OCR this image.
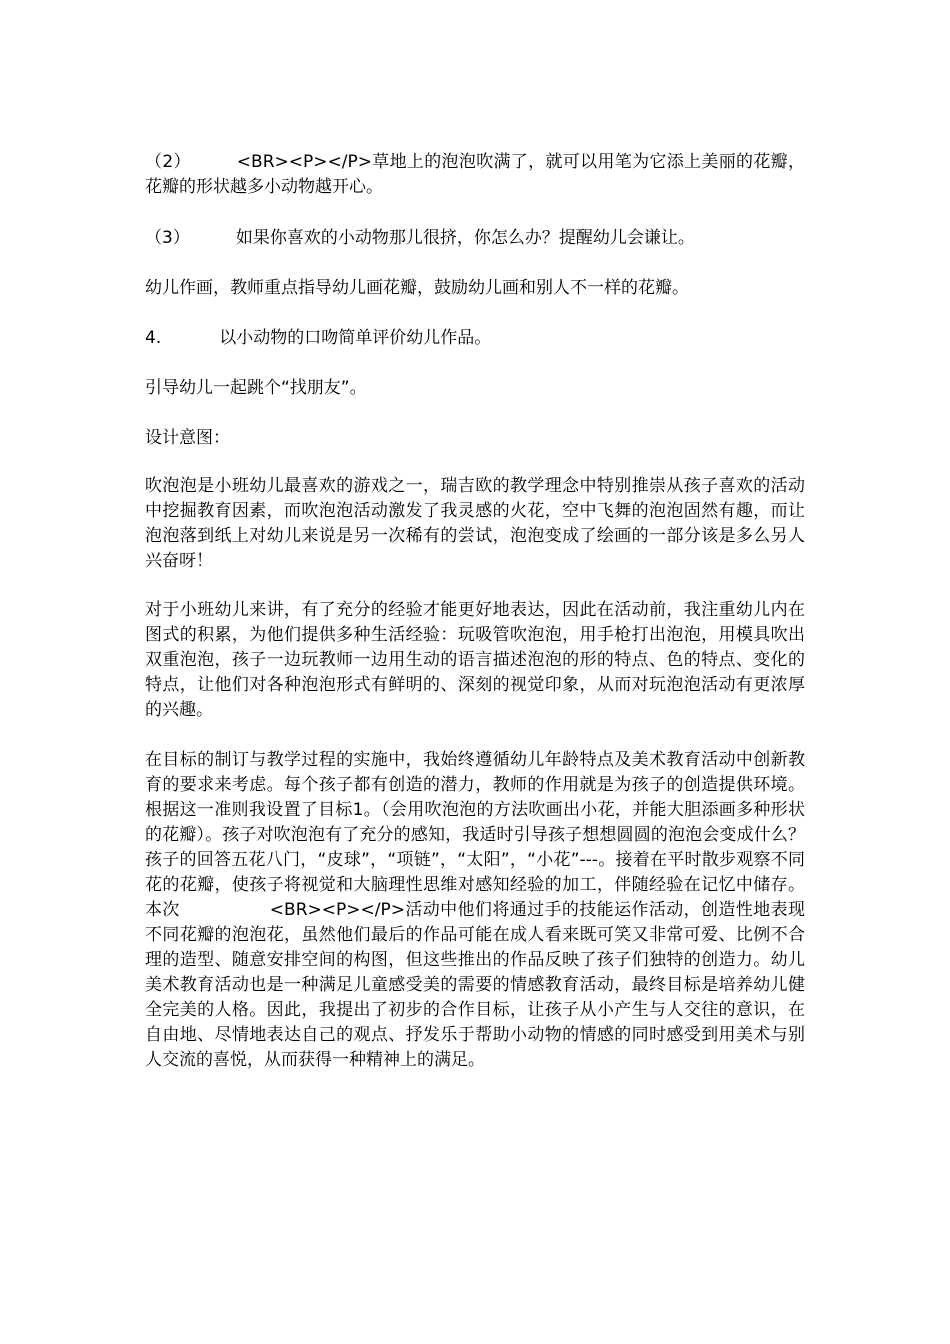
（2）	<BR><P></P>草地上的泡泡吹满了，就可以用笔为它添上美丽的花瓣，花瓣的形状越多小动物越开心。

（3）	如果你喜欢的小动物那儿很挤，你怎么办？提醒幼儿会谦让。

幼儿作画，教师重点指导幼儿画花瓣，鼓励幼儿画和别人不一样的花瓣。

4.	以小动物的口吻简单评价幼儿作品。

引导幼儿一起跳个“找朋友”。

设计意图：

吹泡泡是小班幼儿最喜欢的游戏之一，瑞吉欧的教学理念中特别推崇从孩子喜欢的活动中挖掘教育因素，而吹泡泡活动激发了我灵感的火花，空中飞舞的泡泡固然有趣，而让泡泡落到纸上对幼儿来说是另一次稀有的尝试，泡泡变成了绘画的一部分该是多么另人兴奋呀！

对于小班幼儿来讲，有了充分的经验才能更好地表达，因此在活动前，我注重幼儿内在图式的积累，为他们提供多种生活经验：玩吸管吹泡泡，用手枪打出泡泡，用模具吹出双重泡泡，孩子一边玩教师一边用生动的语言描述泡泡的形的特点、色的特点、变化的特点，让他们对各种泡泡形式有鲜明的、深刻的视觉印象，从而对玩泡泡活动有更浓厚的兴趣。

在目标的制订与教学过程的实施中，我始终遵循幼儿年龄特点及美术教育活动中创新教育的要求来考虑。每个孩子都有创造的潜力，教师的作用就是为孩子的创造提供环境。根据这一准则我设置了目标1。（会用吹泡泡的方法吹画出小花，并能大胆添画多种形状的花瓣）。孩子对吹泡泡有了充分的感知，我适时引导孩子想想圆圆的泡泡会变成什么？孩子的回答五花八门，“皮球”，“项链”，“太阳”，“小花”---。接着在平时散步观察不同花的花瓣，使孩子将视觉和大脑理性思维对感知经验的加工，伴随经验在记忆中储存。本次	<BR><P></P>活动中他们将通过手的技能运作活动，创造性地表现不同花瓣的泡泡花，虽然他们最后的作品可能在成人看来既可笑又非常可爱、比例不合理的造型、随意安排空间的构图，但这些推出的作品反映了孩子们独特的创造力。幼儿美术教育活动也是一种满足儿童感受美的需要的情感教育活动，最终目标是培养幼儿健全完美的人格。因此，我提出了初步的合作目标，让孩子从小产生与人交往的意识，在自由地、尽情地表达自己的观点、抒发乐于帮助小动物的情感的同时感受到用美术与别人交流的喜悦，从而获得一种精神上的满足。
